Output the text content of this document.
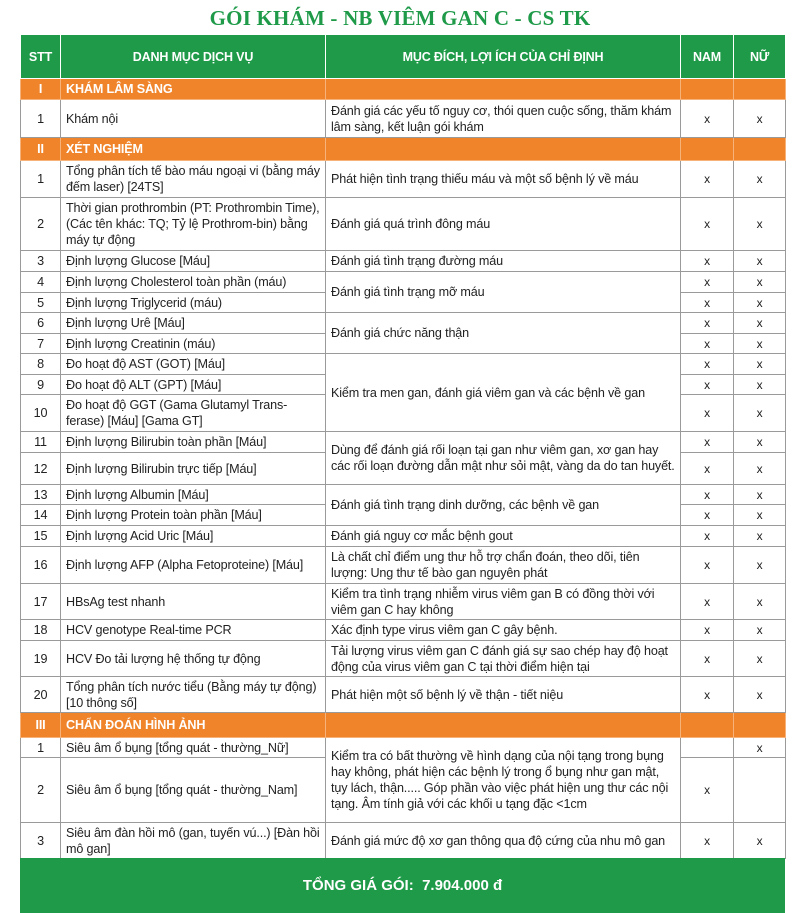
GÓI KHÁM - NB VIÊM GAN C - CS TK
STT	DANH MỤC DỊCH VỤ	MỤC ĐÍCH, LỢI ÍCH CỦA CHỈ ĐỊNH	NAM	NỮ
I	KHÁM LÂM SÀNG			
1	Khám nội	Đánh giá các yếu tố nguy cơ, thói quen cuộc sống, thăm khám lâm sàng, kết luận gói khám	x	x
II	XÉT NGHIỆM			
1	Tổng phân tích tế bào máu ngoại vi (bằng máy đếm laser) [24TS]	Phát hiện tình trạng thiếu máu và một số bệnh lý về máu	x	x
2	Thời gian prothrombin (PT: Prothrombin Time), (Các tên khác: TQ; Tỷ lệ Prothrom-bin) bằng máy tự động	Đánh giá quá trình đông máu	x	x
3	Định lượng Glucose [Máu]	Đánh giá tình trạng đường máu	x	x
4	Định lượng Cholesterol toàn phần (máu)	Đánh giá tình trạng mỡ máu	x	x
5	Định lượng Triglycerid (máu)		x	x
6	Định lượng Urê [Máu]	Đánh giá chức năng thận	x	x
7	Định lượng Creatinin (máu)		x	x
8	Đo hoạt độ AST (GOT) [Máu]	Kiểm tra men gan, đánh giá viêm gan và các bệnh về gan	x	x
9	Đo hoạt độ ALT (GPT) [Máu]		x	x
10	Đo hoạt độ GGT (Gama Glutamyl Trans-ferase) [Máu] [Gama GT]		x	x
11	Định lượng Bilirubin toàn phần [Máu]	Dùng để đánh giá rối loạn tại gan như viêm gan, xơ gan hay các rối loạn đường dẫn mật như sỏi mật, vàng da do tan huyết.	x	x
12	Định lượng Bilirubin trực tiếp [Máu]		x	x
13	Định lượng Albumin [Máu]	Đánh giá tình trạng dinh dưỡng, các bệnh về gan	x	x
14	Định lượng Protein toàn phần [Máu]		x	x
15	Định lượng Acid Uric [Máu]	Đánh giá nguy cơ mắc bệnh gout	x	x
16	Định lượng AFP (Alpha Fetoproteine) [Máu]	Là chất chỉ điểm ung thư hỗ trợ chẩn đoán, theo dõi, tiên lượng: Ung thư tế bào gan nguyên phát	x	x
17	HBsAg test nhanh	Kiểm tra tình trạng nhiễm virus viêm gan B có đồng thời với viêm gan C hay không	x	x
18	HCV genotype Real-time PCR	Xác định type virus viêm gan C gây bệnh.	x	x
19	HCV Đo tải lượng hệ thống tự động	Tải lượng virus viêm gan C đánh giá sự sao chép hay độ hoạt động của virus viêm gan C tại thời điểm hiện tại	x	x
20	Tổng phân tích nước tiểu (Bằng máy tự động) [10 thông số]	Phát hiện một số bệnh lý về thận - tiết niệu	x	x
III	CHẨN ĐOÁN HÌNH ẢNH			
1	Siêu âm ổ bụng [tổng quát - thường_Nữ]	Kiểm tra có bất thường về hình dạng của nội tạng trong bụng hay không, phát hiện các bệnh lý trong ổ bụng như gan mật, tụy lách, thận..... Góp phần vào việc phát hiện ung thư các nội tạng. Âm tính giả với các khối u tạng đặc <1cm		x
2	Siêu âm ổ bụng [tổng quát - thường_Nam]		x	
3	Siêu âm đàn hồi mô (gan, tuyến vú...) [Đàn hồi mô gan]	Đánh giá mức độ xơ gan thông qua độ cứng của nhu mô gan	x	x
TỔNG GIÁ GÓI:
7.904.000 đ
